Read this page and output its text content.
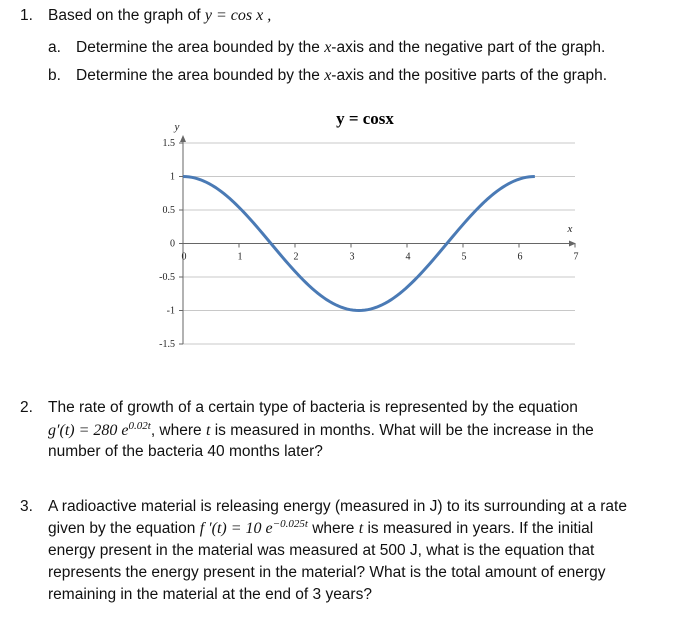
1. Based on the graph of y = cos x ,
a. Determine the area bounded by the x-axis and the negative part of the graph.
b. Determine the area bounded by the x-axis and the positive parts of the graph.
y = cosx
1.5
1
0.5
0
-0.5
-1
-1.5
0	1	2	3	4	5	6	7
y
x
2. The rate of growth of a certain type of bacteria is represented by the equation
g′(t) = 280 $e^{0.02t}$, where t is measured in months. What will be the increase in the
number of the bacteria 40 months later?
3. A radioactive material is releasing energy (measured in J) to its surrounding at a rate
given by the equation f ′(t) = 10 $e^{-0.025t}$ where t is measured in years. If the initial
energy present in the material was measured at 500 J, what is the equation that
represents the energy present in the material? What is the total amount of energy
remaining in the material at the end of 3 years?
